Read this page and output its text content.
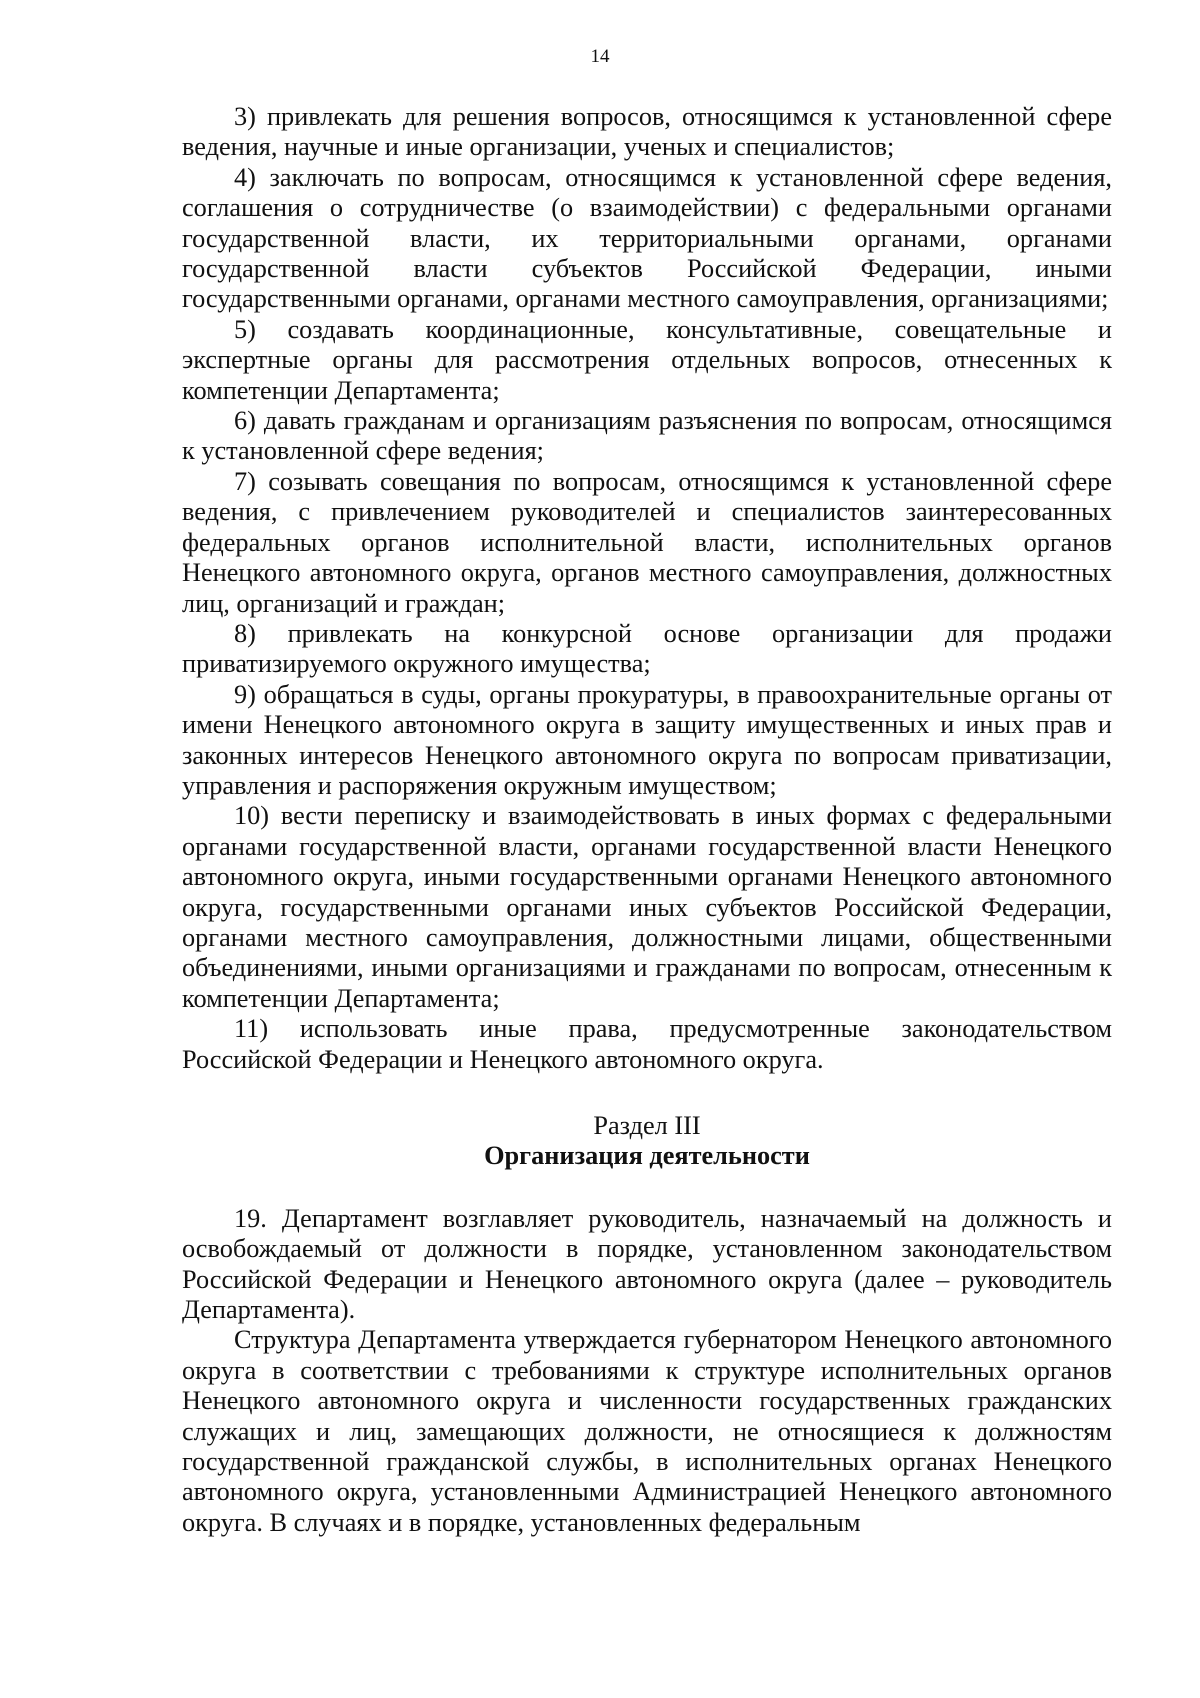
14

3) привлекать для решения вопросов, относящимся к установленной сфере ведения, научные и иные организации, ученых и специалистов;

4) заключать по вопросам, относящимся к установленной сфере ведения, соглашения о сотрудничестве (о взаимодействии) с федеральными органами государственной власти, их территориальными органами, органами государственной власти субъектов Российской Федерации, иными государственными органами, органами местного самоуправления, организациями;

5) создавать координационные, консультативные, совещательные и экспертные органы для рассмотрения отдельных вопросов, отнесенных к компетенции Департамента;

6) давать гражданам и организациям разъяснения по вопросам, относящимся к установленной сфере ведения;

7) созывать совещания по вопросам, относящимся к установленной сфере ведения, с привлечением руководителей и специалистов заинтересованных федеральных органов исполнительной власти, исполнительных органов Ненецкого автономного округа, органов местного самоуправления, должностных лиц, организаций и граждан;

8) привлекать на конкурсной основе организации для продажи приватизируемого окружного имущества;

9) обращаться в суды, органы прокуратуры, в правоохранительные органы от имени Ненецкого автономного округа в защиту имущественных и иных прав и законных интересов Ненецкого автономного округа по вопросам приватизации, управления и распоряжения окружным имуществом;

10) вести переписку и взаимодействовать в иных формах с федеральными органами государственной власти, органами государственной власти Ненецкого автономного округа, иными государственными органами Ненецкого автономного округа, государственными органами иных субъектов Российской Федерации, органами местного самоуправления, должностными лицами, общественными объединениями, иными организациями и гражданами по вопросам, отнесенным к компетенции Департамента;

11) использовать иные права, предусмотренные законодательством Российской Федерации и Ненецкого автономного округа.

Раздел III

Организация деятельности

19. Департамент возглавляет руководитель, назначаемый на должность и освобождаемый от должности в порядке, установленном законодательством Российской Федерации и Ненецкого автономного округа (далее – руководитель Департамента).

Структура Департамента утверждается губернатором Ненецкого автономного округа в соответствии с требованиями к структуре исполнительных органов Ненецкого автономного округа и численности государственных гражданских служащих и лиц, замещающих должности, не относящиеся к должностям государственной гражданской службы, в исполнительных органах Ненецкого автономного округа, установленными Администрацией Ненецкого автономного округа. В случаях и в порядке, установленных федеральным
